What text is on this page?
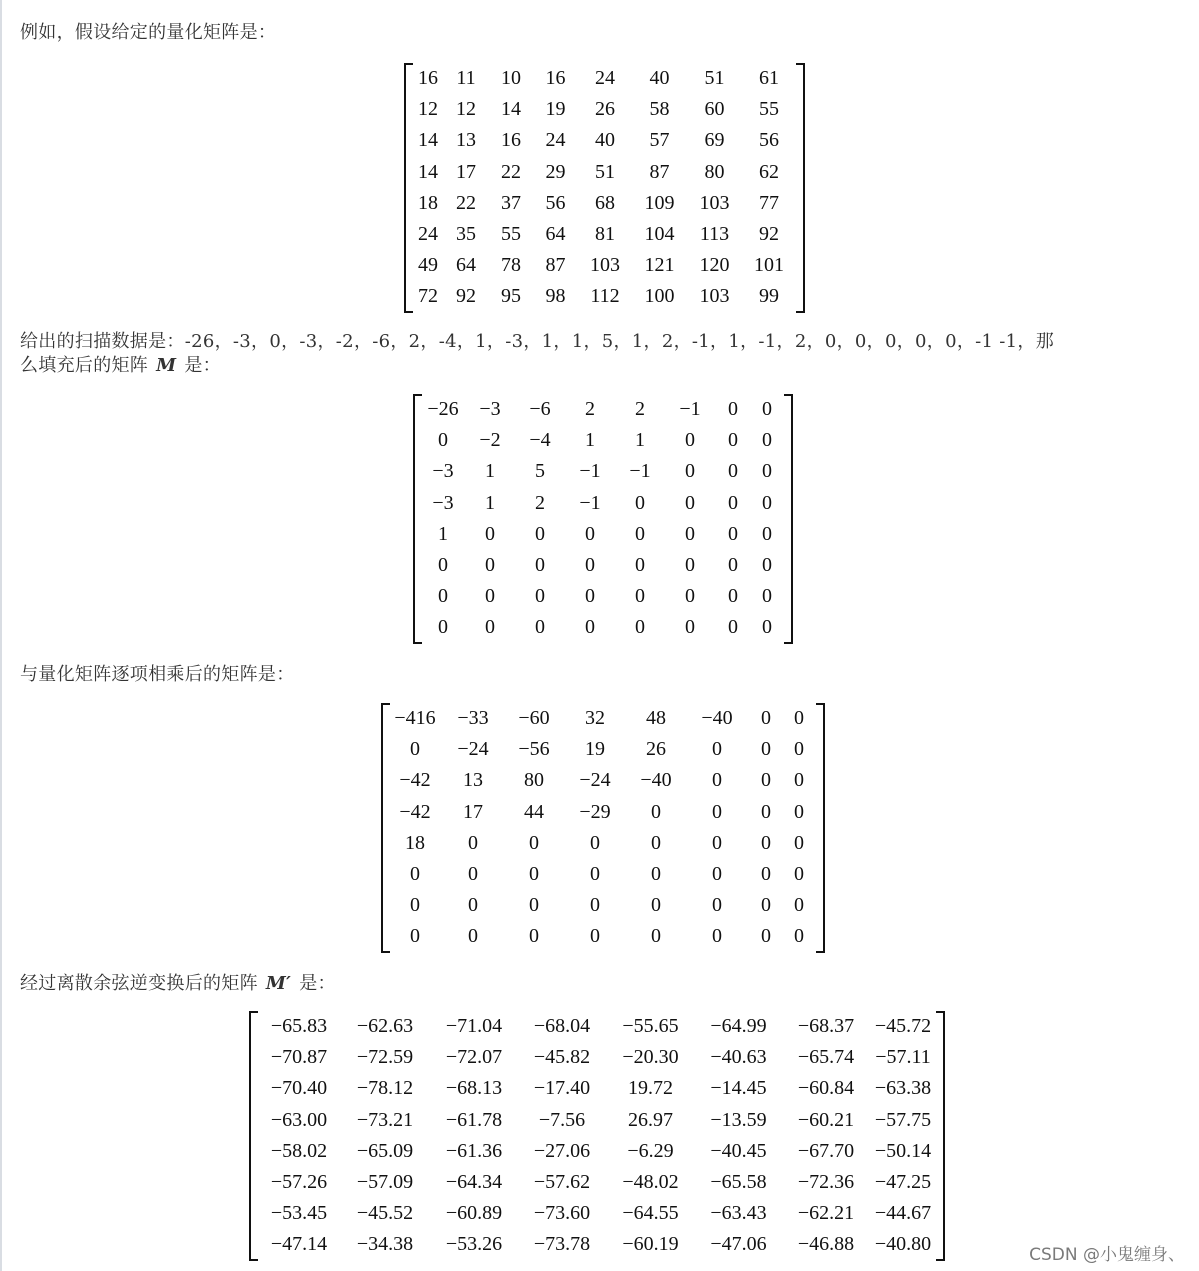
例如，假设给定的量化矩阵是：

16	11	10	16	24	40	51	61
12	12	14	19	26	58	60	55
14	13	16	24	40	57	69	56
14	17	22	29	51	87	80	62
18	22	37	56	68	109	103	77
24	35	55	64	81	104	113	92
49	64	78	87	103	121	120	101
72	92	95	98	112	100	103	99

给出的扫描数据是：-26，-3，0，-3，-2，-6，2，-4，1，-3，1，1，5，1，2，-1，1，-1，2，0，0，0，0，0，-1 -1，那

么填充后的矩阵 M 是：

−26	−3	−6	2	2	−1	0	0
0	−2	−4	1	1	0	0	0
−3	1	5	−1	−1	0	0	0
−3	1	2	−1	0	0	0	0
1	0	0	0	0	0	0	0
0	0	0	0	0	0	0	0
0	0	0	0	0	0	0	0
0	0	0	0	0	0	0	0

与量化矩阵逐项相乘后的矩阵是：

−416	−33	−60	32	48	−40	0	0
0	−24	−56	19	26	0	0	0
−42	13	80	−24	−40	0	0	0
−42	17	44	−29	0	0	0	0
18	0	0	0	0	0	0	0
0	0	0	0	0	0	0	0
0	0	0	0	0	0	0	0
0	0	0	0	0	0	0	0

经过离散余弦逆变换后的矩阵 M′ 是：

−65.83	−62.63	−71.04	−68.04	−55.65	−64.99	−68.37	−45.72
−70.87	−72.59	−72.07	−45.82	−20.30	−40.63	−65.74	−57.11
−70.40	−78.12	−68.13	−17.40	19.72	−14.45	−60.84	−63.38
−63.00	−73.21	−61.78	−7.56	26.97	−13.59	−60.21	−57.75
−58.02	−65.09	−61.36	−27.06	−6.29	−40.45	−67.70	−50.14
−57.26	−57.09	−64.34	−57.62	−48.02	−65.58	−72.36	−47.25
−53.45	−45.52	−60.89	−73.60	−64.55	−63.43	−62.21	−44.67
−47.14	−34.38	−53.26	−73.78	−60.19	−47.06	−46.88	−40.80	CSDN @小鬼缠身、
